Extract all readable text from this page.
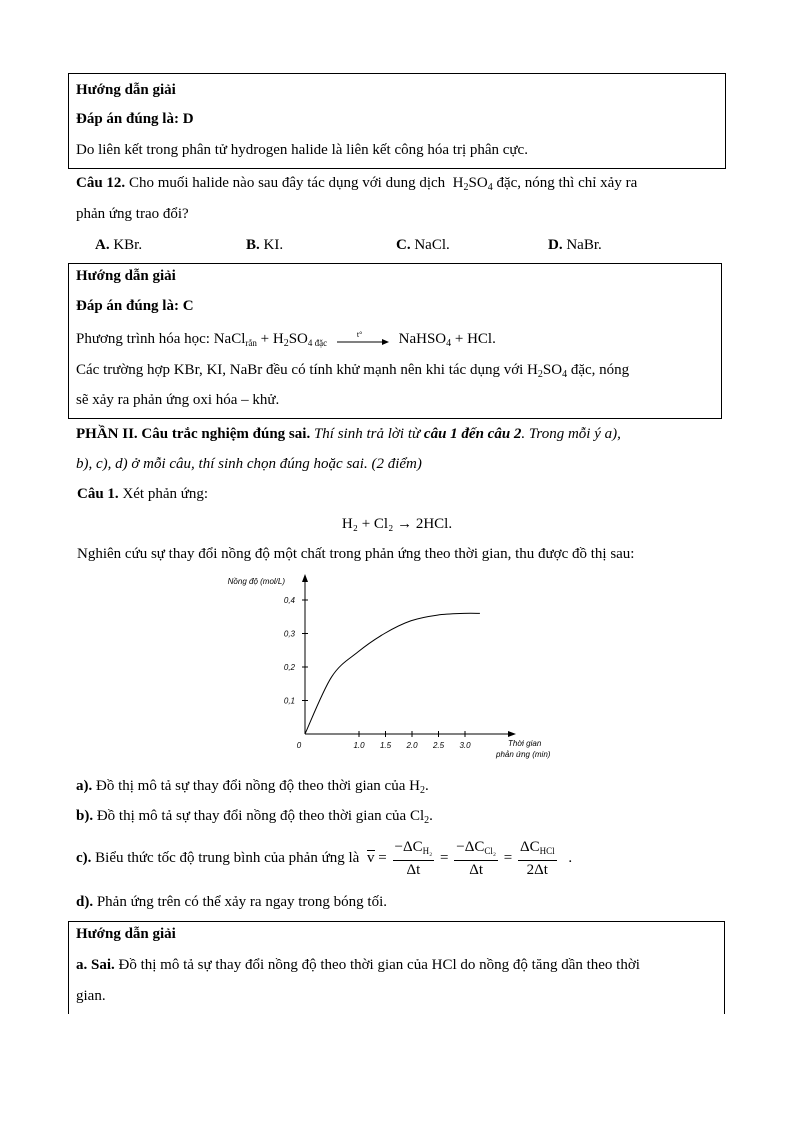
Hướng dẫn giải
Đáp án đúng là: D
Do liên kết trong phân tử hydrogen halide là liên kết công hóa trị phân cực.
Câu 12. Cho muối halide nào sau đây tác dụng với dung dịch $H_2SO_4$ đặc, nóng thì chỉ xảy ra
phản ứng trao đổi?
A. KBr.	B. KI.	C. NaCl.	D. NaBr.
Hướng dẫn giải
Đáp án đúng là: C
Phương trình hóa học: NaCl$_{rắn}$ + $H_2SO_{4 đặc}$
t° NaHSO$_4$ + HCl.
Các trường hợp KBr, KI, NaBr đều có tính khử mạnh nên khi tác dụng với $H_2SO_4$ đặc, nóng
sẽ xảy ra phản ứng oxi hóa – khử.
PHẦN II. Câu trắc nghiệm đúng sai. Thí sinh trả lời từ câu 1 đến câu 2. Trong mỗi ý a),
b), c), d) ở mỗi câu, thí sinh chọn đúng hoặc sai. (2 điểm)
Câu 1. Xét phản ứng:
H₂ + Cl₂ → 2HCl.
Nghiên cứu sự thay đổi nồng độ một chất trong phản ứng theo thời gian, thu được đồ thị sau:
Nồng độ (mol/L)
0,1
0,2
0,3
0,4
1.0 1.5 2.0 2.5 3.0
0	Thời gian
phản ứng (min)
a). Đồ thị mô tả sự thay đổi nồng độ theo thời gian của $H_2$.
b). Đồ thị mô tả sự thay đổi nồng độ theo thời gian của $Cl_2$.
c). Biểu thức tốc độ trung bình của phản ứng là $v = \frac{-\Delta C_{H_2}}{\Delta t} = \frac{-\Delta C_{Cl_2}}{\Delta t} = \frac{\Delta C_{HCl}}{2\Delta t}$ .
d). Phản ứng trên có thể xảy ra ngay trong bóng tối.
Hướng dẫn giải
a. Sai. Đồ thị mô tả sự thay đổi nồng độ theo thời gian của HCl do nồng độ tăng dần theo thời
gian.
